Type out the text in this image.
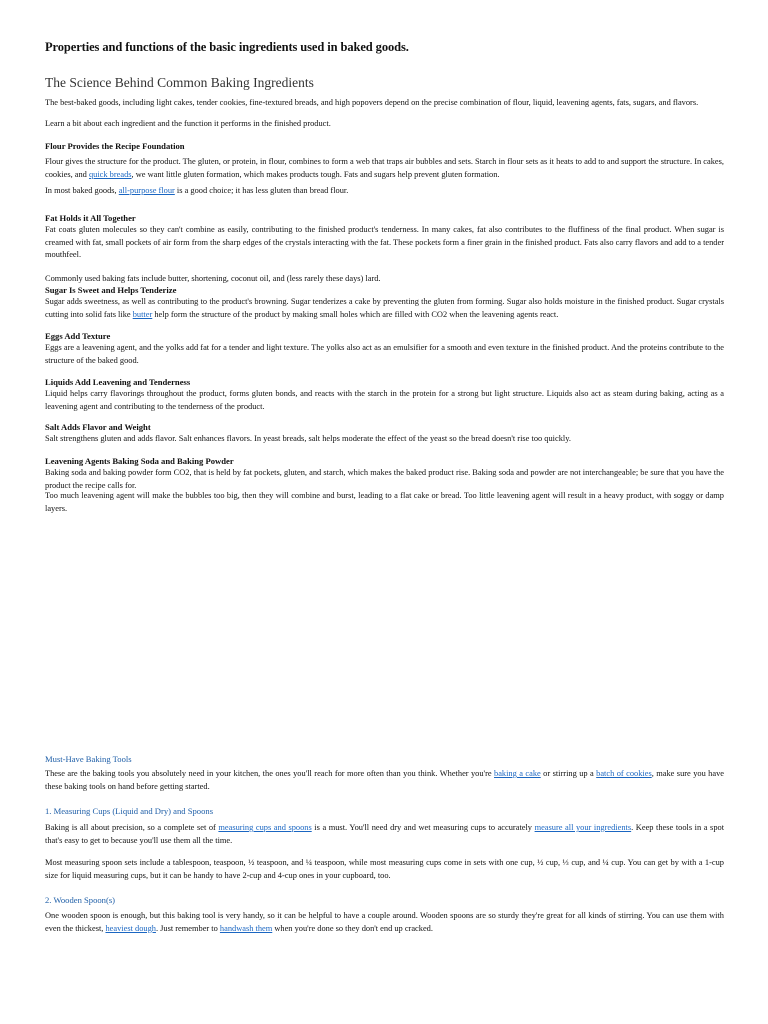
Properties and functions of the basic ingredients used in baked goods.
The Science Behind Common Baking Ingredients
The best-baked goods, including light cakes, tender cookies, fine-textured breads, and high popovers depend on the precise combination of flour, liquid, leavening agents, fats, sugars, and flavors.
Learn a bit about each ingredient and the function it performs in the finished product.
Flour Provides the Recipe Foundation
Flour gives the structure for the product. The gluten, or protein, in flour, combines to form a web that traps air bubbles and sets. Starch in flour sets as it heats to add to and support the structure. In cakes, cookies, and quick breads, we want little gluten formation, which makes products tough. Fats and sugars help prevent gluten formation.
In most baked goods, all-purpose flour is a good choice; it has less gluten than bread flour.
Fat Holds it All Together
Fat coats gluten molecules so they can't combine as easily, contributing to the finished product's tenderness. In many cakes, fat also contributes to the fluffiness of the final product. When sugar is creamed with fat, small pockets of air form from the sharp edges of the crystals interacting with the fat. These pockets form a finer grain in the finished product. Fats also carry flavors and add to a tender mouthfeel.
Commonly used baking fats include butter, shortening, coconut oil, and (less rarely these days) lard.
Sugar Is Sweet and Helps Tenderize
Sugar adds sweetness, as well as contributing to the product's browning. Sugar tenderizes a cake by preventing the gluten from forming. Sugar also holds moisture in the finished product. Sugar crystals cutting into solid fats like butter help form the structure of the product by making small holes which are filled with CO2 when the leavening agents react.
Eggs Add Texture
Eggs are a leavening agent, and the yolks add fat for a tender and light texture. The yolks also act as an emulsifier for a smooth and even texture in the finished product. And the proteins contribute to the structure of the baked good.
Liquids Add Leavening and Tenderness
Liquid helps carry flavorings throughout the product, forms gluten bonds, and reacts with the starch in the protein for a strong but light structure. Liquids also act as steam during baking, acting as a leavening agent and contributing to the tenderness of the product.
Salt Adds Flavor and Weight
Salt strengthens gluten and adds flavor. Salt enhances flavors. In yeast breads, salt helps moderate the effect of the yeast so the bread doesn't rise too quickly.
Leavening Agents Baking Soda and Baking Powder
Baking soda and baking powder form CO2, that is held by fat pockets, gluten, and starch, which makes the baked product rise. Baking soda and powder are not interchangeable; be sure that you have the product the recipe calls for.
Too much leavening agent will make the bubbles too big, then they will combine and burst, leading to a flat cake or bread. Too little leavening agent will result in a heavy product, with soggy or damp layers.
Must-Have Baking Tools
These are the baking tools you absolutely need in your kitchen, the ones you'll reach for more often than you think. Whether you're baking a cake or stirring up a batch of cookies, make sure you have these baking tools on hand before getting started.
1. Measuring Cups (Liquid and Dry) and Spoons
Baking is all about precision, so a complete set of measuring cups and spoons is a must. You'll need dry and wet measuring cups to accurately measure all your ingredients. Keep these tools in a spot that's easy to get to because you'll use them all the time.
Most measuring spoon sets include a tablespoon, teaspoon, ½ teaspoon, and ¼ teaspoon, while most measuring cups come in sets with one cup, ½ cup, ⅓ cup, and ¼ cup. You can get by with a 1-cup size for liquid measuring cups, but it can be handy to have 2-cup and 4-cup ones in your cupboard, too.
2. Wooden Spoon(s)
One wooden spoon is enough, but this baking tool is very handy, so it can be helpful to have a couple around. Wooden spoons are so sturdy they're great for all kinds of stirring. You can use them with even the thickest, heaviest dough. Just remember to handwash them when you're done so they don't end up cracked.
